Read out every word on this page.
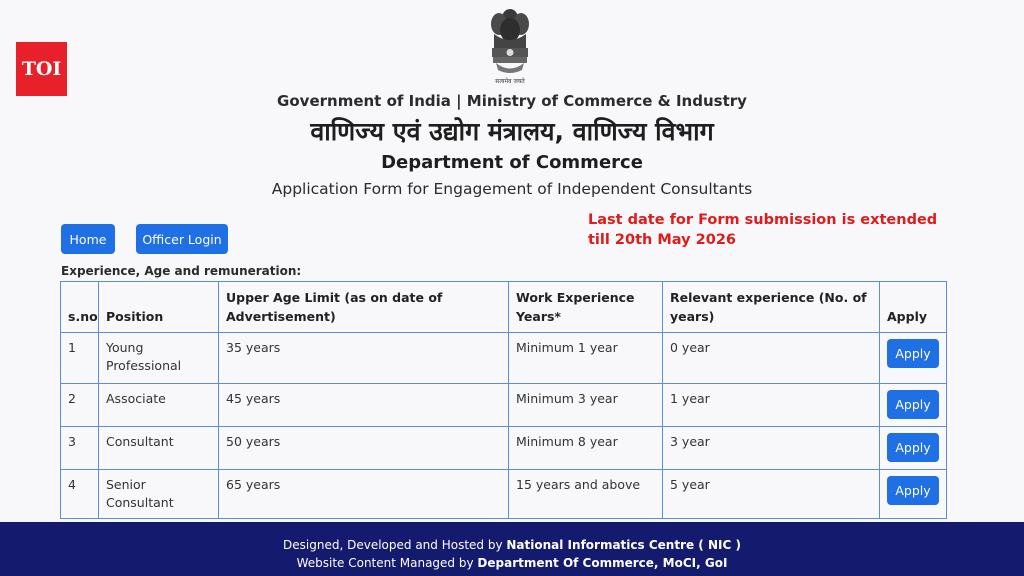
TOI
सत्यमेव जयते
Government of India | Ministry of Commerce & Industry
वाणिज्य एवं उद्योग मंत्रालय, वाणिज्य विभाग
Department of Commerce
Application Form for Engagement of Independent Consultants
Home	Officer Login
Last date for Form submission is extended till 20th May 2026
Experience, Age and remuneration:
s.no	Position	Upper Age Limit (as on date of Advertisement)	Work Experience Years*	Relevant experience (No. of years)	Apply
1	Young Professional	35 years	Minimum 1 year	0 year	Apply
2	Associate	45 years	Minimum 3 year	1 year	Apply
3	Consultant	50 years	Minimum 8 year	3 year	Apply
4	Senior Consultant	65 years	15 years and above	5 year	Apply
Designed, Developed and Hosted by National Informatics Centre ( NIC )
Website Content Managed by Department Of Commerce, MoCI, GoI
